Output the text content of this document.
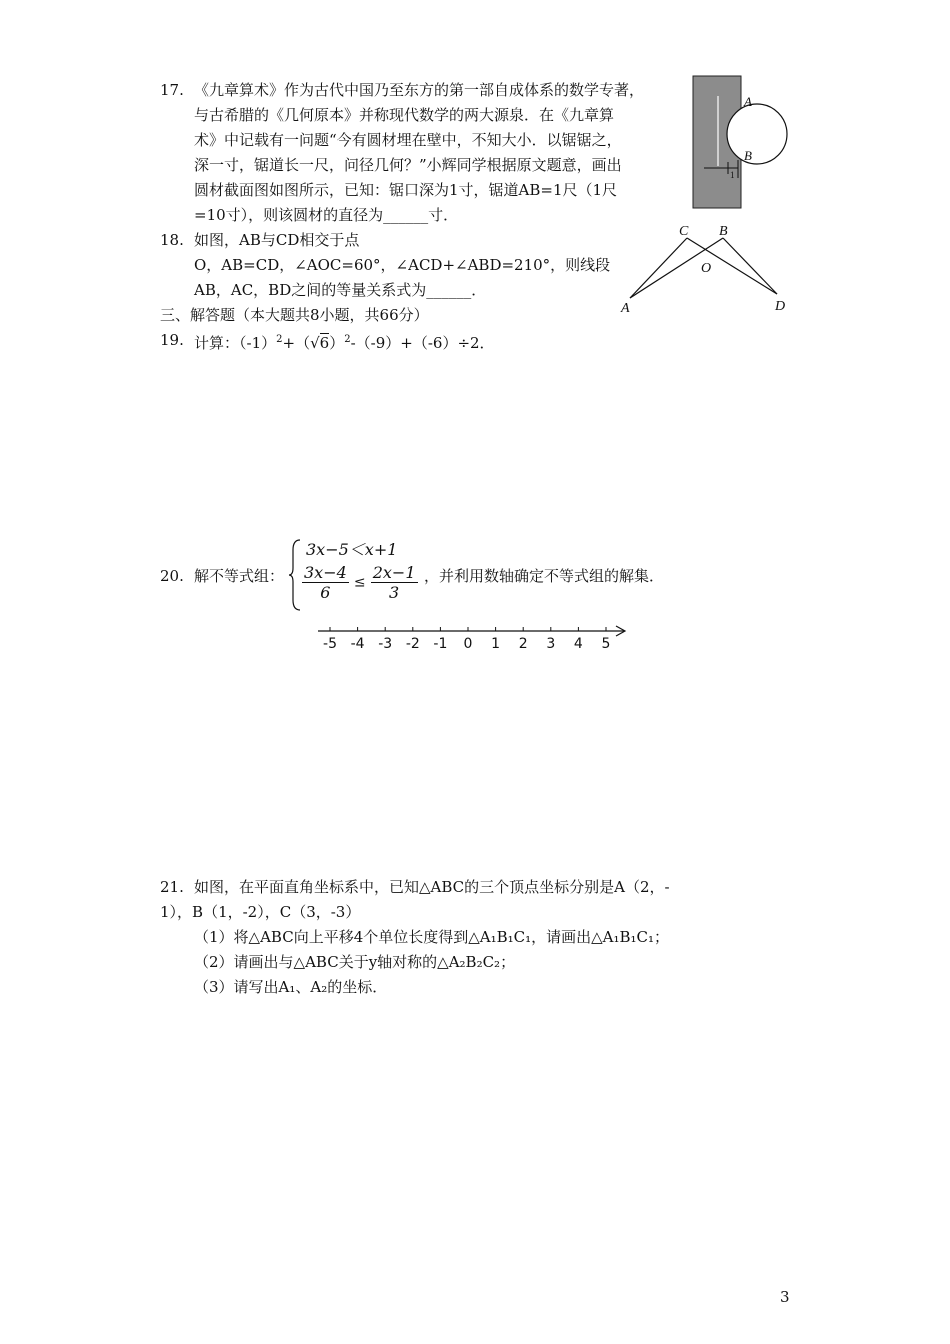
17. 《九章算术》作为古代中国乃至东方的第一部自成体系的数学专著，
与古希腊的《几何原本》并称现代数学的两大源泉．在《九章算
术》中记载有一问题“今有圆材埋在壁中，不知大小．以锯锯之，
深一寸，锯道长一尺，问径几何？”小辉同学根据原文题意，画出
圆材截面图如图所示，已知：锯口深为1寸，锯道AB=1尺（1尺
=10寸），则该圆材的直径为______寸．
A
B
1
18. 如图，AB与CD相交于点
O，AB=CD，∠AOC=60°，∠ACD+∠ABD=210°，则线段
AB，AC，BD之间的等量关系式为______．
C B
O
A	D
三、解答题（本大题共8小题，共66分）
19. 计算：$(-1)^2+(√6)^2-(-9)+(-6)\div 2$．
20. 解不等式组：
3x−5＜x+1
$\frac{3x-4}{6} \le \frac{2x-1}{3}$ ，并利用数轴确定不等式组的解集．
-5 -4 -3 -2 -1	0	1	2	3	4	5
21. 如图，在平面直角坐标系中，已知△ABC的三个顶点坐标分别是A（2，-
1），B（1，-2），C（3，-3）
（1）将△ABC向上平移4个单位长度得到△A₁B₁C₁，请画出△A₁B₁C₁；
（2）请画出与△ABC关于y轴对称的△A₂B₂C₂；
（3）请写出A₁、A₂的坐标．
3
